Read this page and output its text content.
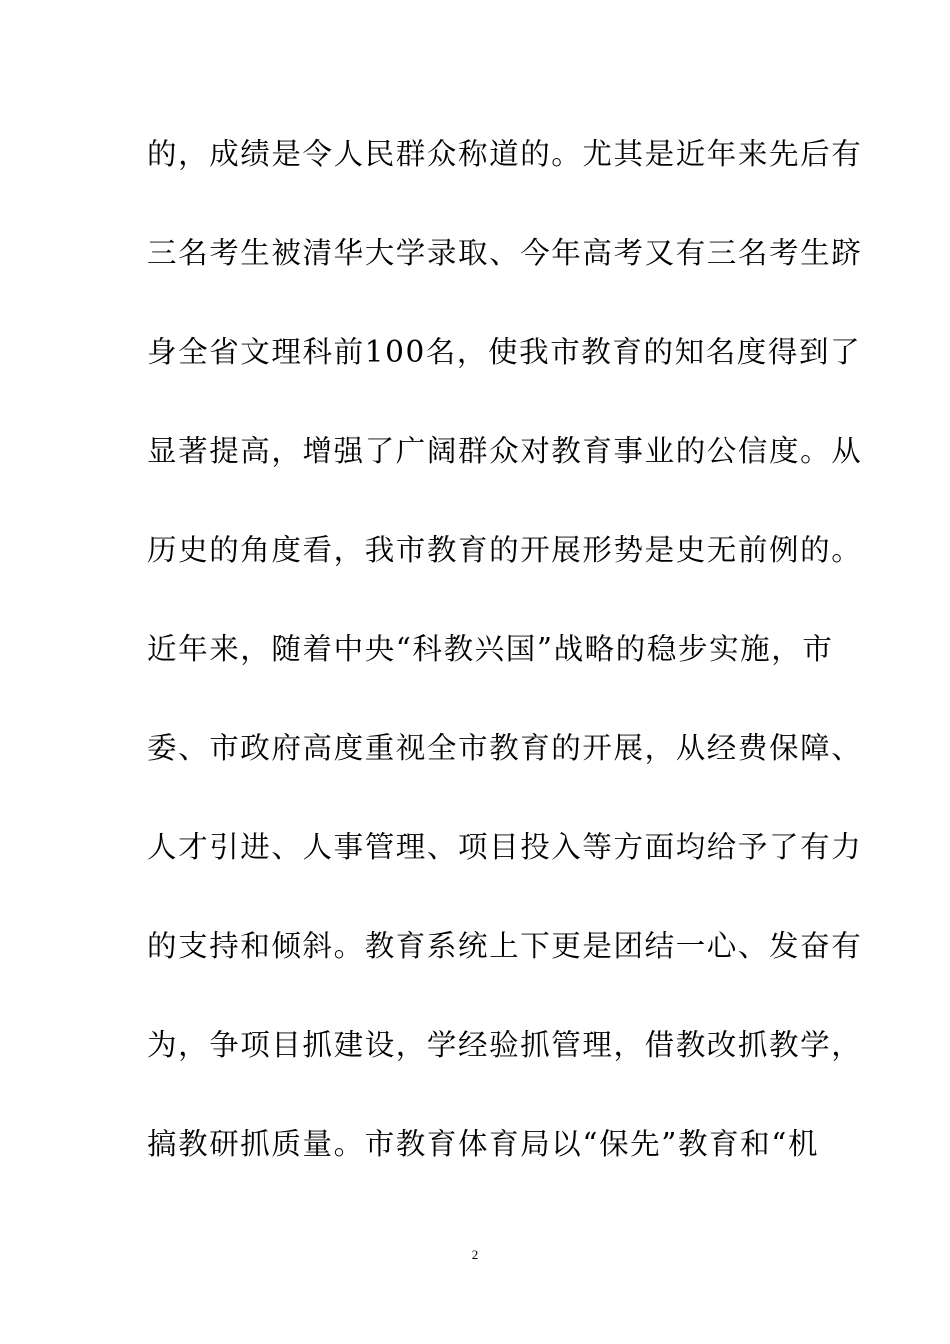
的，成绩是令人民群众称道的。尤其是近年来先后有
三名考生被清华大学录取、今年高考又有三名考生跻
身全省文理科前100名，使我市教育的知名度得到了
显著提高，增强了广阔群众对教育事业的公信度。从
历史的角度看，我市教育的开展形势是史无前例的。
近年来，随着中央“科教兴国”战略的稳步实施，市
委、市政府高度重视全市教育的开展，从经费保障、
人才引进、人事管理、项目投入等方面均给予了有力
的支持和倾斜。教育系统上下更是团结一心、发奋有
为，争项目抓建设，学经验抓管理，借教改抓教学，
搞教研抓质量。市教育体育局以“保先”教育和“机
2
